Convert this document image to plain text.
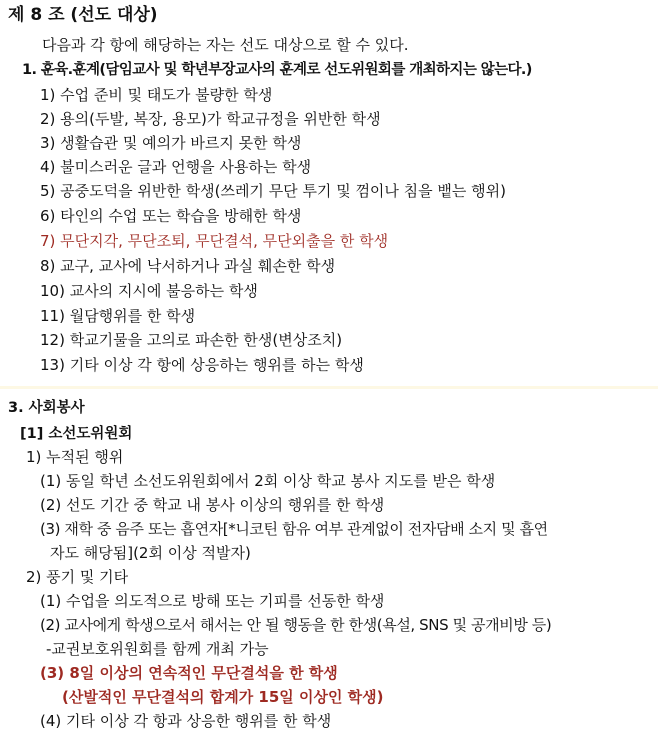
제 8 조 (선도 대상)
다음과 각 항에 해당하는 자는 선도 대상으로 할 수 있다.
1. 훈육.훈계(담임교사 및 학년부장교사의 훈계로 선도위원회를 개최하지는 않는다.)
1) 수업 준비 및 태도가 불량한 학생
2) 용의(두발, 복장, 용모)가 학교규정을 위반한 학생
3) 생활습관 및 예의가 바르지 못한 학생
4) 불미스러운 글과 언행을 사용하는 학생
5) 공중도덕을 위반한 학생(쓰레기 무단 투기 및 껌이나 침을 뱉는 행위)
6) 타인의 수업 또는 학습을 방해한 학생
7) 무단지각, 무단조퇴, 무단결석, 무단외출을 한 학생
8) 교구, 교사에 낙서하거나 과실 훼손한 학생
10) 교사의 지시에 불응하는 학생
11) 월담행위를 한 학생
12) 학교기물을 고의로 파손한 한생(변상조치)
13) 기타 이상 각 항에 상응하는 행위를 하는 학생
3. 사회봉사
[1] 소선도위원회
1) 누적된 행위
(1) 동일 학년 소선도위원회에서 2회 이상 학교 봉사 지도를 받은 학생
(2) 선도 기간 중 학교 내 봉사 이상의 행위를 한 학생
(3) 재학 중 음주 또는 흡연자[*니코틴 함유 여부 관계없이 전자담배 소지 및 흡연
자도 해당됨](2회 이상 적발자)
2) 풍기 및 기타
(1) 수업을 의도적으로 방해 또는 기피를 선동한 학생
(2) 교사에게 학생으로서 해서는 안 될 행동을 한 한생(욕설, SNS 및 공개비방 등)
-교권보호위원회를 함께 개최 가능
(3) 8일 이상의 연속적인 무단결석을 한 학생
(산발적인 무단결석의 합계가 15일 이상인 학생)
(4) 기타 이상 각 항과 상응한 행위를 한 학생
